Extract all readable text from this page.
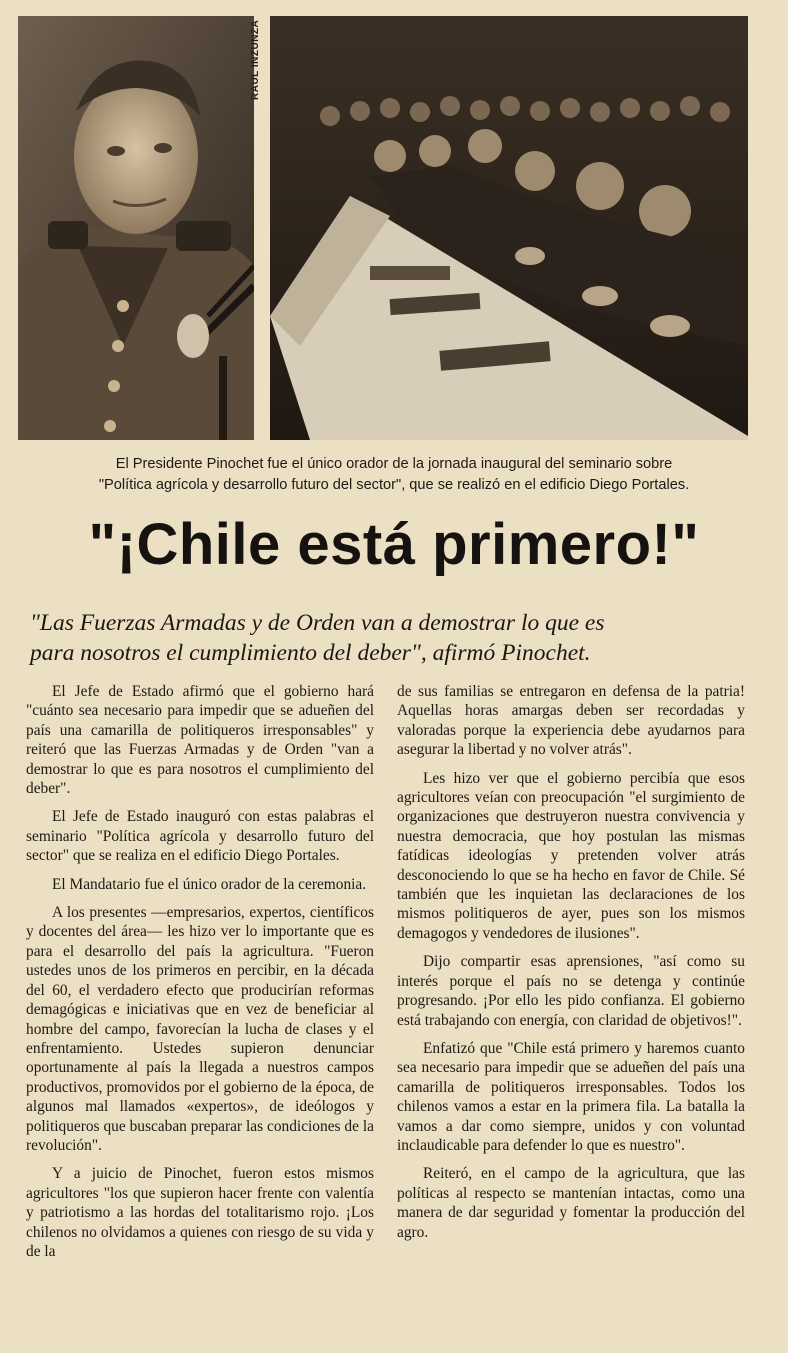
RAUL INZUNZA
El Presidente Pinochet fue el único orador de la jornada inaugural del seminario sobre
"Política agrícola y desarrollo futuro del sector", que se realizó en el edificio Diego Portales.
"¡Chile está primero!"
"Las Fuerzas Armadas y de Orden van a demostrar lo que es
para nosotros el cumplimiento del deber", afirmó Pinochet.

El Jefe de Estado afirmó que el gobierno hará "cuánto sea necesario para impedir que se adueñen del país una camarilla de politiqueros irresponsables" y reiteró que las Fuerzas Armadas y de Orden "van a demostrar lo que es para nosotros el cumplimiento del deber".

El Jefe de Estado inauguró con estas palabras el seminario "Política agrícola y desarrollo futuro del sector" que se realiza en el edificio Diego Portales.

El Mandatario fue el único orador de la ceremonia.

A los presentes —empresarios, expertos, científicos y docentes del área— les hizo ver lo importante que es para el desarrollo del país la agricultura. "Fueron ustedes unos de los primeros en percibir, en la década del 60, el verdadero efecto que producirían reformas demagógicas e iniciativas que en vez de beneficiar al hombre del campo, favorecían la lucha de clases y el enfrentamiento. Ustedes supieron denunciar oportunamente al país la llegada a nuestros campos productivos, promovidos por el gobierno de la época, de algunos mal llamados «expertos», de ideólogos y politiqueros que buscaban preparar las condiciones de la revolución".

Y a juicio de Pinochet, fueron estos mismos agricultores "los que supieron hacer frente con valentía y patriotismo a las hordas del totalitarismo rojo. ¡Los chilenos no olvidamos a quienes con riesgo de su vida y de la

de sus familias se entregaron en defensa de la patria! Aquellas horas amargas deben ser recordadas y valoradas porque la experiencia debe ayudarnos para asegurar la libertad y no volver atrás".

Les hizo ver que el gobierno percibía que esos agricultores veían con preocupación "el surgimiento de organizaciones que destruyeron nuestra convivencia y nuestra democracia, que hoy postulan las mismas fatídicas ideologías y pretenden volver atrás desconociendo lo que se ha hecho en favor de Chile. Sé también que les inquietan las declaraciones de los mismos politiqueros de ayer, pues son los mismos demagogos y vendedores de ilusiones".

Dijo compartir esas aprensiones, "así como su interés porque el país no se detenga y continúe progresando. ¡Por ello les pido confianza. El gobierno está trabajando con energía, con claridad de objetivos!".

Enfatizó que "Chile está primero y haremos cuanto sea necesario para impedir que se adueñen del país una camarilla de politiqueros irresponsables. Todos los chilenos vamos a estar en la primera fila. La batalla la vamos a dar como siempre, unidos y con voluntad inclaudicable para defender lo que es nuestro".

Reiteró, en el campo de la agricultura, que las políticas al respecto se mantenían intactas, como una manera de dar seguridad y fomentar la producción del agro.
